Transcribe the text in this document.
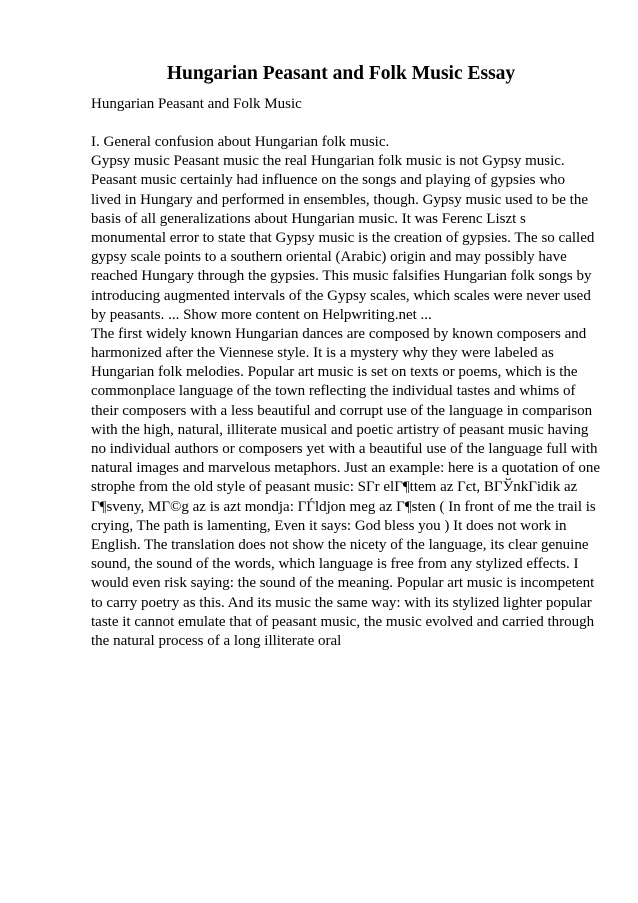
Hungarian Peasant and Folk Music Essay

Hungarian Peasant and Folk Music

I. General confusion about Hungarian folk music.
Gypsy music Peasant music the real Hungarian folk music is not Gypsy music.
Peasant music certainly had influence on the songs and playing of gypsies who
lived in Hungary and performed in ensembles, though. Gypsy music used to be the
basis of all generalizations about Hungarian music. It was Ferenc Liszt s
monumental error to state that Gypsy music is the creation of gypsies. The so called
gypsy scale points to a southern oriental (Arabic) origin and may possibly have
reached Hungary through the gypsies. This music falsifies Hungarian folk songs by
introducing augmented intervals of the Gypsy scales, which scales were never used
by peasants. ... Show more content on Helpwriting.net ...
The first widely known Hungarian dances are composed by known composers and
harmonized after the Viennese style. It is a mystery why they were labeled as
Hungarian folk melodies. Popular art music is set on texts or poems, which is the
commonplace language of the town reflecting the individual tastes and whims of
their composers with a less beautiful and corrupt use of the language in comparison
with the high, natural, illiterate musical and poetic artistry of peasant music having
no individual authors or composers yet with a beautiful use of the language full with
natural images and marvelous metaphors. Just an example: here is a quotation of one
strophe from the old style of peasant music: SΓr elΓ¶ttem az Γєt, BΓЎnkΓidik az
Γ¶sveny, MΓ©g az is azt mondja: ΓЃldjon meg az Γ¶sten ( In front of me the trail is
crying, The path is lamenting, Even it says: God bless you ) It does not work in
English. The translation does not show the nicety of the language, its clear genuine
sound, the sound of the words, which language is free from any stylized effects. I
would even risk saying: the sound of the meaning. Popular art music is incompetent
to carry poetry as this. And its music the same way: with its stylized lighter popular
taste it cannot emulate that of peasant music, the music evolved and carried through
the natural process of a long illiterate oral
